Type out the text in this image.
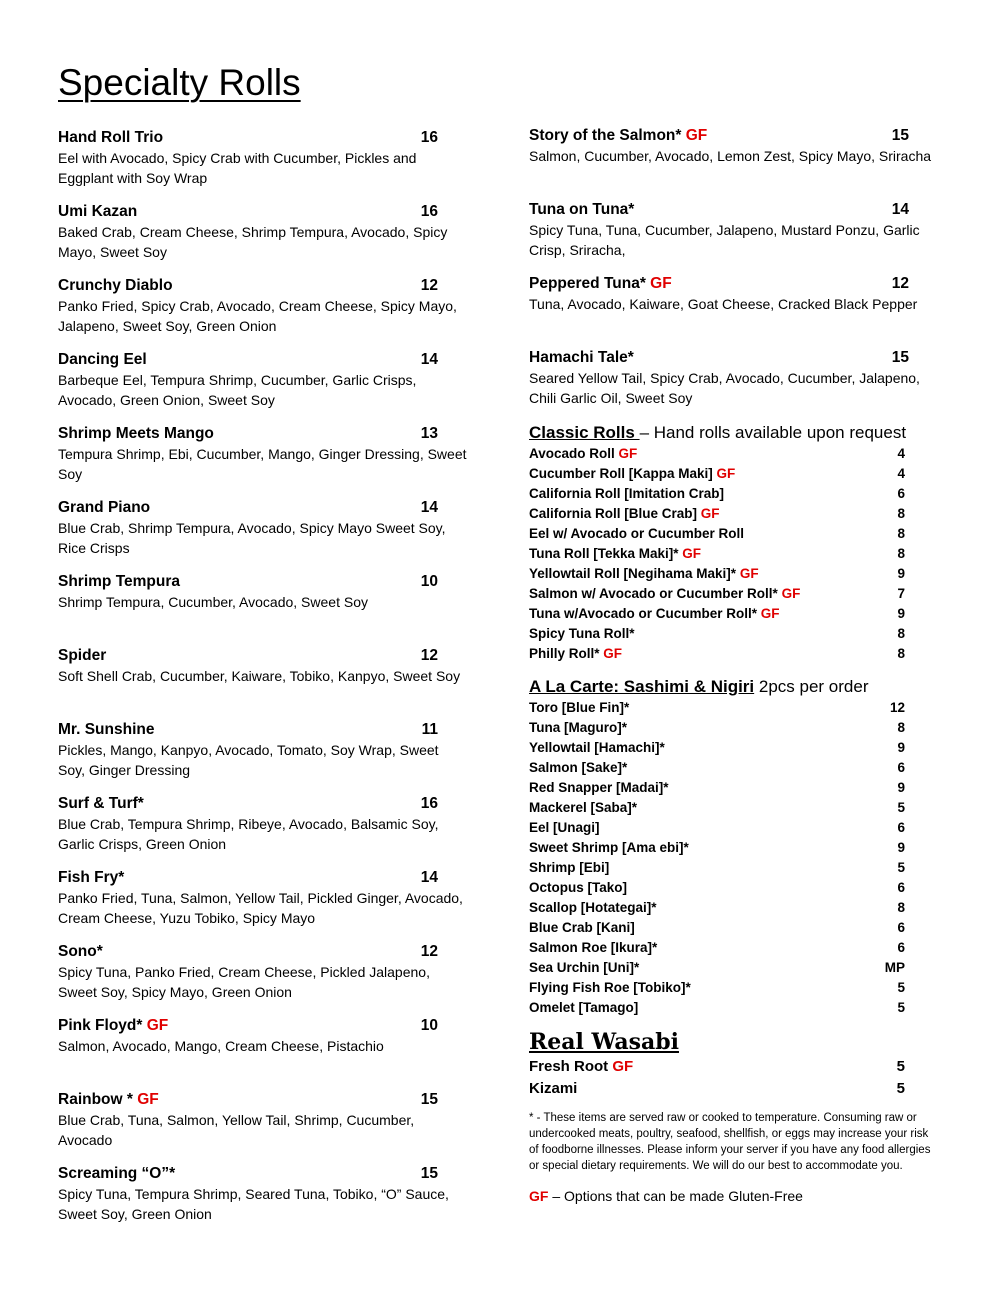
Specialty Rolls
Hand Roll Trio	16
Eel with Avocado, Spicy Crab with Cucumber, Pickles and Eggplant with Soy Wrap
Umi Kazan	16
Baked Crab, Cream Cheese, Shrimp Tempura, Avocado, Spicy Mayo, Sweet Soy
Crunchy Diablo	12
Panko Fried, Spicy Crab, Avocado, Cream Cheese, Spicy Mayo, Jalapeno, Sweet Soy, Green Onion
Dancing Eel	14
Barbeque Eel, Tempura Shrimp, Cucumber, Garlic Crisps, Avocado, Green Onion, Sweet Soy
Shrimp Meets Mango	13
Tempura Shrimp, Ebi, Cucumber, Mango, Ginger Dressing, Sweet Soy
Grand Piano	14
Blue Crab, Shrimp Tempura, Avocado, Spicy Mayo Sweet Soy, Rice Crisps
Shrimp Tempura	10
Shrimp Tempura, Cucumber, Avocado, Sweet Soy
Spider	12
Soft Shell Crab, Cucumber, Kaiware, Tobiko, Kanpyo, Sweet Soy
Mr. Sunshine	11
Pickles, Mango, Kanpyo, Avocado, Tomato, Soy Wrap, Sweet Soy, Ginger Dressing
Surf & Turf*	16
Blue Crab, Tempura Shrimp, Ribeye, Avocado, Balsamic Soy, Garlic Crisps, Green Onion
Fish Fry*	14
Panko Fried, Tuna, Salmon, Yellow Tail, Pickled Ginger, Avocado, Cream Cheese, Yuzu Tobiko, Spicy Mayo
Sono*	12
Spicy Tuna, Panko Fried, Cream Cheese, Pickled Jalapeno, Sweet Soy, Spicy Mayo, Green Onion
Pink Floyd* GF	10
Salmon, Avocado, Mango, Cream Cheese, Pistachio
Rainbow * GF	15
Blue Crab, Tuna, Salmon, Yellow Tail, Shrimp, Cucumber, Avocado
Screaming “O”*	15
Spicy Tuna, Tempura Shrimp, Seared Tuna, Tobiko, “O” Sauce, Sweet Soy, Green Onion
Story of the Salmon* GF	15
Salmon, Cucumber, Avocado, Lemon Zest, Spicy Mayo, Sriracha
Tuna on Tuna*	14
Spicy Tuna, Tuna, Cucumber, Jalapeno, Mustard Ponzu, Garlic Crisp, Sriracha,
Peppered Tuna* GF	12
Tuna, Avocado, Kaiware, Goat Cheese, Cracked Black Pepper
Hamachi Tale*	15
Seared Yellow Tail, Spicy Crab, Avocado, Cucumber, Jalapeno, Chili Garlic Oil, Sweet Soy
Classic Rolls – Hand rolls available upon request
Avocado Roll GF	4
Cucumber Roll [Kappa Maki] GF	4
California Roll [Imitation Crab]	6
California Roll [Blue Crab] GF	8
Eel w/ Avocado or Cucumber Roll	8
Tuna Roll [Tekka Maki]* GF	8
Yellowtail Roll [Negihama Maki]* GF	9
Salmon w/ Avocado or Cucumber Roll* GF	7
Tuna w/Avocado or Cucumber Roll* GF	9
Spicy Tuna Roll*	8
Philly Roll* GF	8
A La Carte: Sashimi & Nigiri 2pcs per order
Toro [Blue Fin]*	12
Tuna [Maguro]*	8
Yellowtail [Hamachi]*	9
Salmon [Sake]*	6
Red Snapper [Madai]*	9
Mackerel [Saba]*	5
Eel [Unagi]	6
Sweet Shrimp [Ama ebi]*	9
Shrimp [Ebi]	5
Octopus [Tako]	6
Scallop [Hotategai]*	8
Blue Crab [Kani]	6
Salmon Roe [Ikura]*	6
Sea Urchin [Uni]*	MP
Flying Fish Roe [Tobiko]*	5
Omelet [Tamago]	5
Real Wasabi
Fresh Root GF	5
Kizami	5
* - These items are served raw or cooked to temperature. Consuming raw or undercooked meats, poultry, seafood, shellfish, or eggs may increase your risk of foodborne illnesses. Please inform your server if you have any food allergies or special dietary requirements. We will do our best to accommodate you.
GF – Options that can be made Gluten-Free
